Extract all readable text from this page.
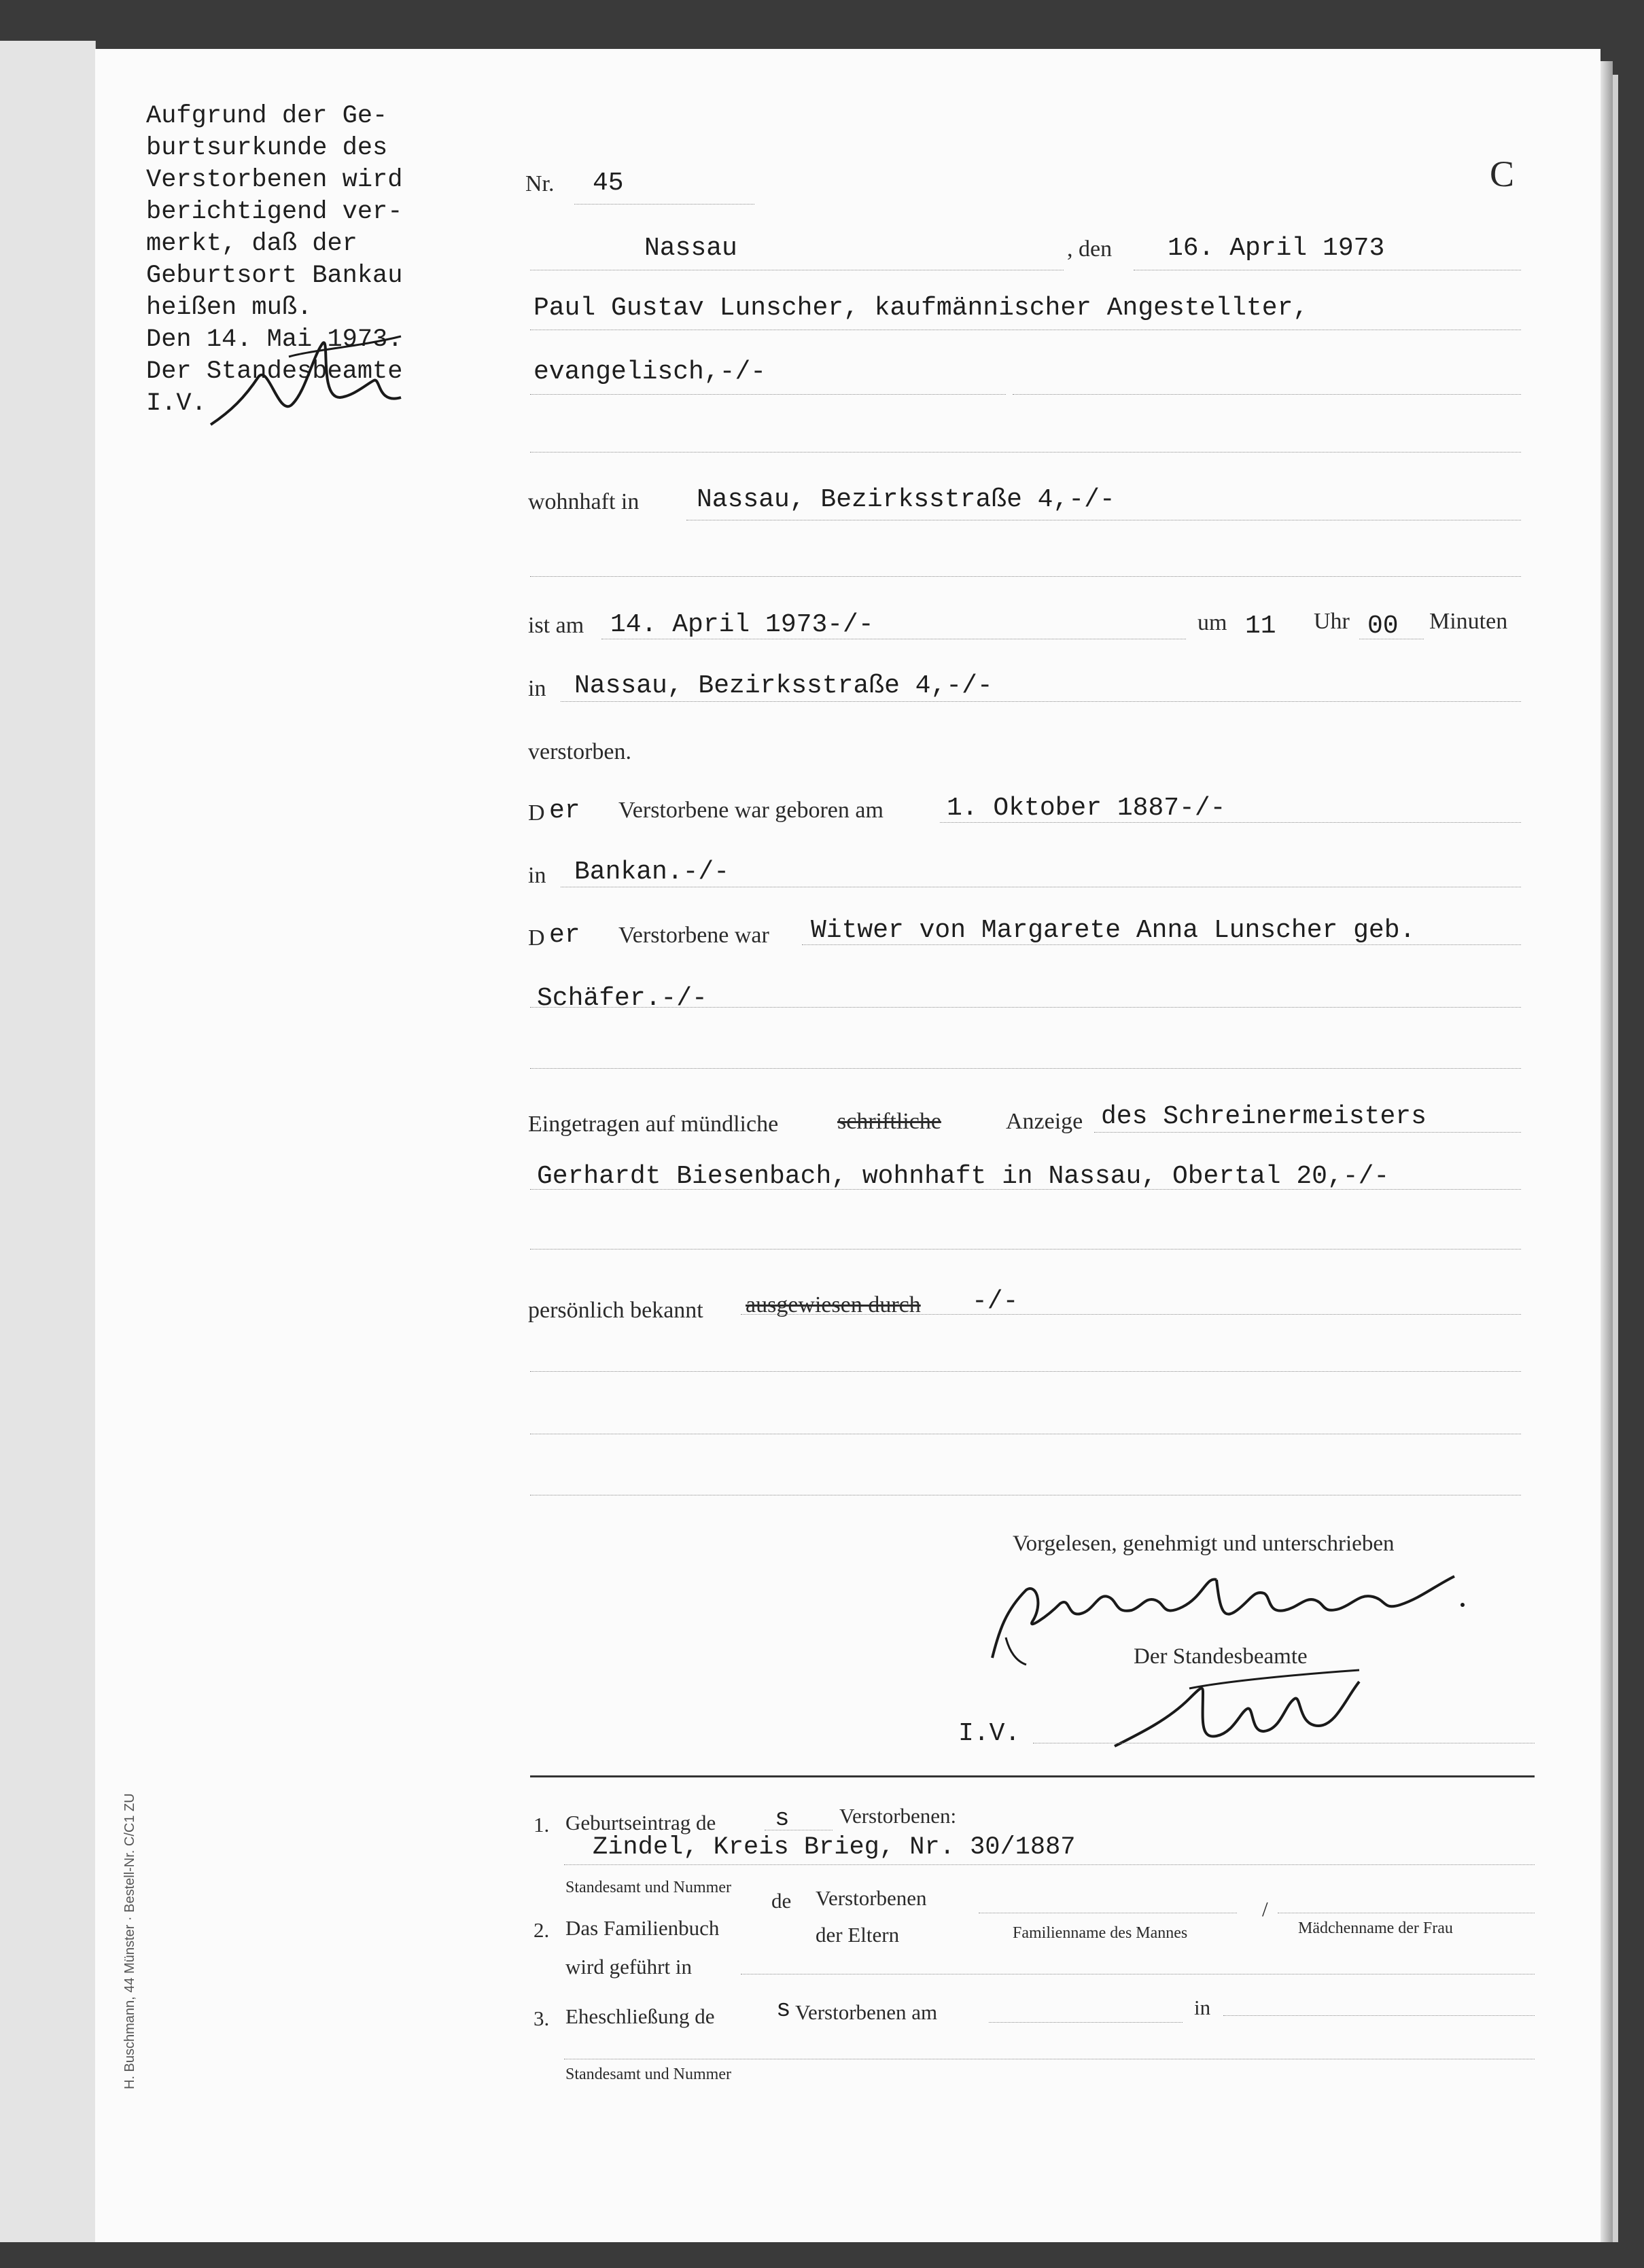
Aufgrund der Ge-
burtsurkunde des
Verstorbenen wird
berichtigend ver-
merkt, daß der
Geburtsort Bankau
heißen muß.
Den 14. Mai 1973.
Der Standesbeamte
I.V.
C
Nr. 45
Nassau	, den 16. April 1973
Paul Gustav Lunscher, kaufmännischer Angestellter,
evangelisch,-/-
wohnhaft in Nassau, Bezirksstraße 4,-/-
ist am 14. April 1973-/-	um 11 Uhr 00 Minuten
in Nassau, Bezirksstraße 4,-/-
verstorben.
D er Verstorbene war geboren am 1. Oktober 1887-/-
in Bankan.-/-
D er Verstorbene war Witwer von Margarete Anna Lunscher geb.
Schäfer.-/-
Eingetragen auf mündliche	schriftliche	Anzeige des Schreinermeisters
Gerhardt Biesenbach, wohnhaft in Nassau, Obertal 20,-/-
persönlich bekannt ausgewiesen durch -/-
Vorgelesen, genehmigt und unterschrieben
Der Standesbeamte
I.V.
1. Geburtseintrag de s Verstorbenen:
Zindel, Kreis Brieg, Nr. 30/1887
Standesamt und Nummer
de Verstorbenen	/
2. Das Familienbuch	der Eltern	Familienname des Mannes	Mädchenname der Frau
wird geführt in
3. Eheschließung de	s Verstorbenen am	in
Standesamt und Nummer
H. Buschmann, 44 Münster · Bestell-Nr. C/C1 ZU
